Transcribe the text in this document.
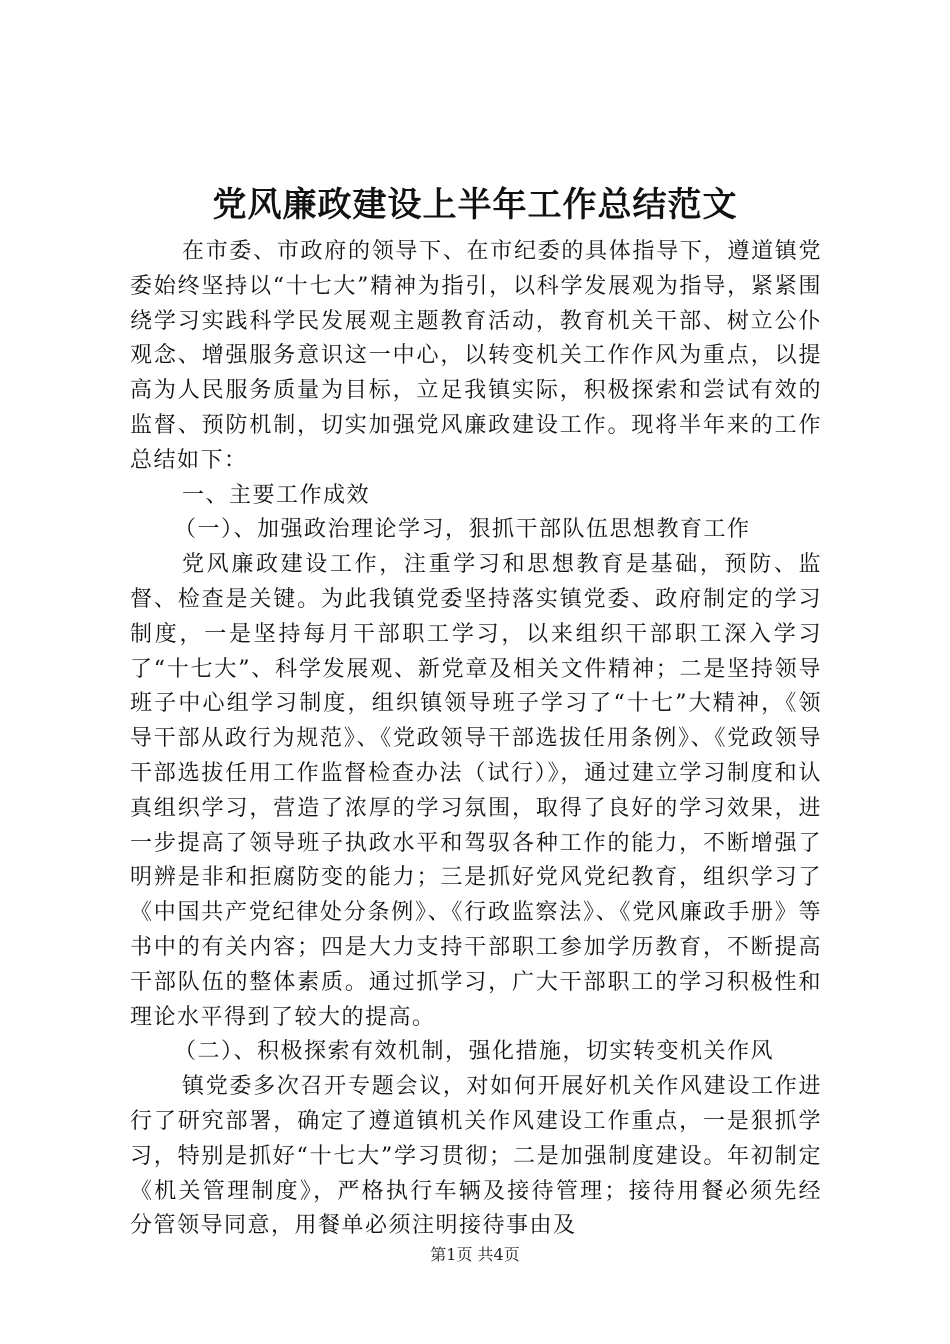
党风廉政建设上半年工作总结范文

在市委、市政府的领导下、在市纪委的具体指导下，遵道镇党委始终坚持以“十七大”精神为指引，以科学发展观为指导，紧紧围绕学习实践科学民发展观主题教育活动，教育机关干部、树立公仆观念、增强服务意识这一中心，以转变机关工作作风为重点，以提高为人民服务质量为目标，立足我镇实际，积极探索和尝试有效的监督、预防机制，切实加强党风廉政建设工作。现将半年来的工作总结如下：

一、主要工作成效

（一）、加强政治理论学习，狠抓干部队伍思想教育工作

党风廉政建设工作，注重学习和思想教育是基础，预防、监督、检查是关键。为此我镇党委坚持落实镇党委、政府制定的学习制度，一是坚持每月干部职工学习，以来组织干部职工深入学习了“十七大”、科学发展观、新党章及相关文件精神；二是坚持领导班子中心组学习制度，组织镇领导班子学习了“十七”大精神，《领导干部从政行为规范》、《党政领导干部选拔任用条例》、《党政领导干部选拔任用工作监督检查办法（试行）》，通过建立学习制度和认真组织学习，营造了浓厚的学习氛围，取得了良好的学习效果，进一步提高了领导班子执政水平和驾驭各种工作的能力，不断增强了明辨是非和拒腐防变的能力；三是抓好党风党纪教育，组织学习了《中国共产党纪律处分条例》、《行政监察法》、《党风廉政手册》等书中的有关内容；四是大力支持干部职工参加学历教育，不断提高干部队伍的整体素质。通过抓学习，广大干部职工的学习积极性和理论水平得到了较大的提高。

（二）、积极探索有效机制，强化措施，切实转变机关作风

镇党委多次召开专题会议，对如何开展好机关作风建设工作进行了研究部署，确定了遵道镇机关作风建设工作重点，一是狠抓学习，特别是抓好“十七大”学习贯彻；二是加强制度建设。年初制定《机关管理制度》，严格执行车辆及接待管理；接待用餐必须先经分管领导同意，用餐单必须注明接待事由及

第1页 共4页
